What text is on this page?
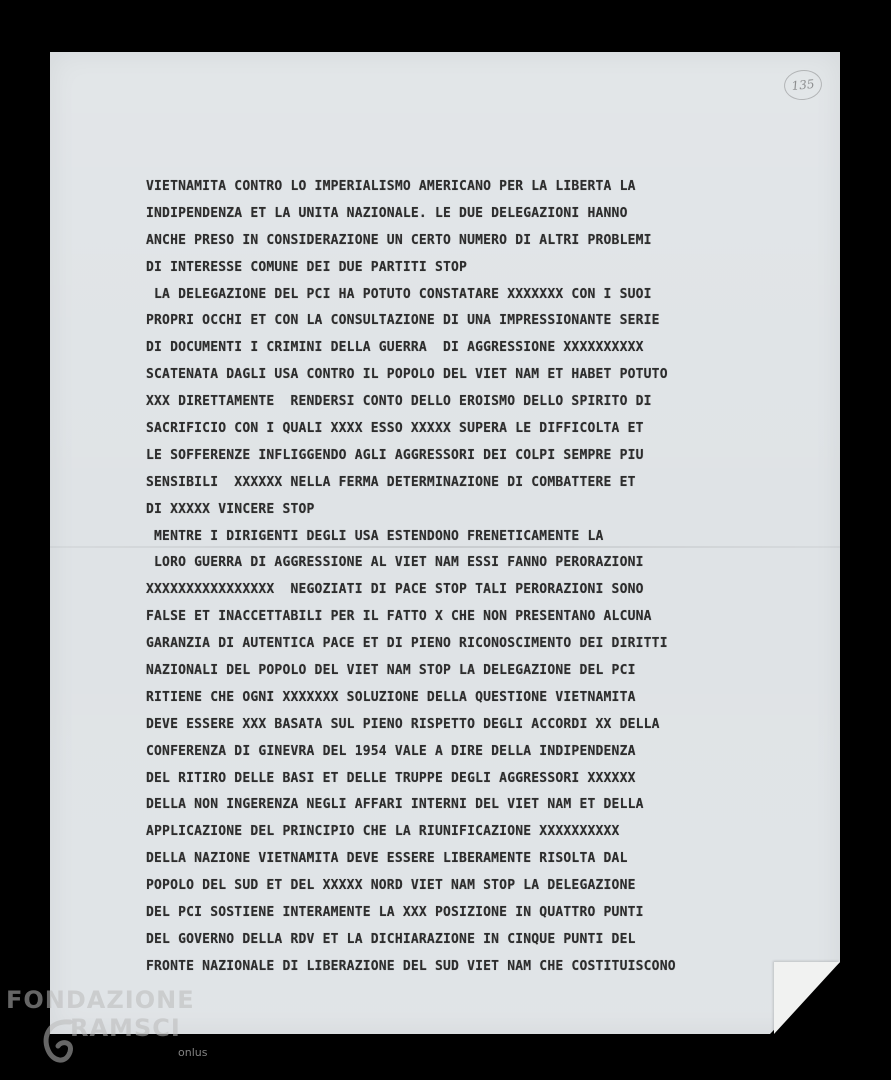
135
VIETNAMITA CONTRO LO IMPERIALISMO AMERICANO PER LA LIBERTA LA
INDIPENDENZA ET LA UNITA NAZIONALE. LE DUE DELEGAZIONI HANNO
ANCHE PRESO IN CONSIDERAZIONE UN CERTO NUMERO DI ALTRI PROBLEMI
DI INTERESSE COMUNE DEI DUE PARTITI STOP
LA DELEGAZIONE DEL PCI HA POTUTO CONSTATARE XXXXXXX CON I SUOI
PROPRI OCCHI ET CON LA CONSULTAZIONE DI UNA IMPRESSIONANTE SERIE
DI DOCUMENTI I CRIMINI DELLA GUERRA  DI AGGRESSIONE XXXXXXXXXX
SCATENATA DAGLI USA CONTRO IL POPOLO DEL VIET NAM ET HABET POTUTO
XXX DIRETTAMENTE  RENDERSI CONTO DELLO EROISMO DELLO SPIRITO DI
SACRIFICIO CON I QUALI XXXX ESSO XXXXX SUPERA LE DIFFICOLTA ET
LE SOFFERENZE INFLIGGENDO AGLI AGGRESSORI DEI COLPI SEMPRE PIU
SENSIBILI  XXXXXX NELLA FERMA DETERMINAZIONE DI COMBATTERE ET
DI XXXXX VINCERE STOP
MENTRE I DIRIGENTI DEGLI USA ESTENDONO FRENETICAMENTE LA
LORO GUERRA DI AGGRESSIONE AL VIET NAM ESSI FANNO PERORAZIONI
XXXXXXXXXXXXXXXX  NEGOZIATI DI PACE STOP TALI PERORAZIONI SONO
FALSE ET INACCETTABILI PER IL FATTO X CHE NON PRESENTANO ALCUNA
GARANZIA DI AUTENTICA PACE ET DI PIENO RICONOSCIMENTO DEI DIRITTI
NAZIONALI DEL POPOLO DEL VIET NAM STOP LA DELEGAZIONE DEL PCI
RITIENE CHE OGNI XXXXXXX SOLUZIONE DELLA QUESTIONE VIETNAMITA
DEVE ESSERE XXX BASATA SUL PIENO RISPETTO DEGLI ACCORDI XX DELLA
CONFERENZA DI GINEVRA DEL 1954 VALE A DIRE DELLA INDIPENDENZA
DEL RITIRO DELLE BASI ET DELLE TRUPPE DEGLI AGGRESSORI XXXXXX
DELLA NON INGERENZA NEGLI AFFARI INTERNI DEL VIET NAM ET DELLA
APPLICAZIONE DEL PRINCIPIO CHE LA RIUNIFICAZIONE XXXXXXXXXX
DELLA NAZIONE VIETNAMITA DEVE ESSERE LIBERAMENTE RISOLTA DAL
POPOLO DEL SUD ET DEL XXXXX NORD VIET NAM STOP LA DELEGAZIONE
DEL PCI SOSTIENE INTERAMENTE LA XXX POSIZIONE IN QUATTRO PUNTI
DEL GOVERNO DELLA RDV ET LA DICHIARAZIONE IN CINQUE PUNTI DEL
FRONTE NAZIONALE DI LIBERAZIONE DEL SUD VIET NAM CHE COSTITUISCONO
FONDAZIONE
RAMSCI
onlus
